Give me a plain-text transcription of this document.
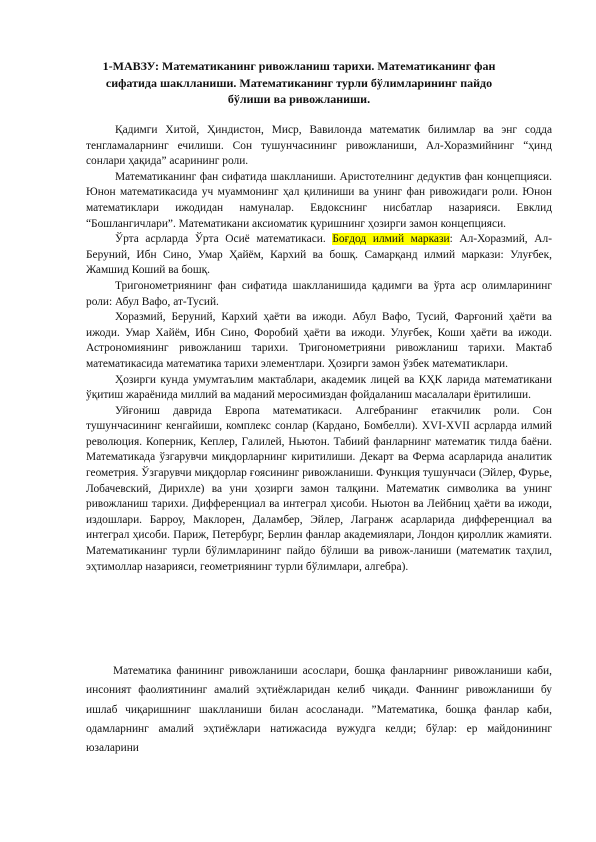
1-МАВЗУ: Математиканинг ривожланиш тарихи. Математиканинг фан сифатида шаклланиши. Математиканинг турли бўлимларининг пайдо бўлиши ва ривожланиши.

Қадимги Хитой, Ҳиндистон, Миср, Вавилонда математик билимлар ва энг содда тенгламаларнинг ечилиши. Сон тушунчасининг ривожланиши, Ал-Хоразмийнинг “ҳинд сонлари ҳақида” асарининг роли.

Математиканинг фан сифатида шаклланиши. Аристотелнинг дедуктив фан концепцияси. Юнон математикасида уч муаммонинг ҳал қилиниши ва унинг фан ривожидаги роли. Юнон математиклари ижодидан намуналар. Евдокснинг нисбатлар назарияси. Евклид “Бошлангичлари”. Математикани аксиоматик қуришнинг ҳозирги замон концепцияси.

Ўрта асрларда Ўрта Осиё математикаси. Боғдод илмий маркази: Ал-Хоразмий, Ал-Беруний, Ибн Сино, Умар Ҳайём, Кархий ва бошқ. Самарқанд илмий маркази: Улуғбек, Жамшид Коший ва бошқ.

Тригонометриянинг фан сифатида шаклланишида қадимги ва ўрта аср олимларининг роли: Абул Вафо, ат-Тусий.

Хоразмий, Беруний, Кархий ҳаёти ва ижоди. Абул Вафо, Тусий, Фарғоний ҳаёти ва ижоди. Умар Хайём, Ибн Сино, Форобий ҳаёти ва ижоди. Улуғбек, Коши ҳаёти ва ижоди. Астрономиянинг ривожланиш тарихи. Тригонометрияни ривожланиш тарихи. Мактаб математикасида математика тарихи элементлари. Ҳозирги замон ўзбек математиклари.

Ҳозирги кунда умумтаълим мактаблари, академик лицей ва КҲК ларида математикани ўқитиш жараёнида миллий ва маданий меросимиздан фойдаланиш масалалари ёритилиши.

Уйғониш даврида Европа математикаси. Алгебранинг етакчилик роли. Сон тушунчасининг кенгайиши, комплекс сонлар (Кардано, Бомбелли). XVI-XVII асрларда илмий революция. Коперник, Кеплер, Галилей, Ньютон. Табиий фанларнинг математик тилда баёни. Математикада ўзгарувчи миқдорларнинг киритилиши. Декарт ва Ферма асарларида аналитик геометрия. Ўзгарувчи миқдорлар ғоясининг ривожланиши. Функция тушунчаси (Эйлер, Фурье, Лобачевский, Дирихле) ва уни ҳозирги замон талқини. Математик символика ва унинг ривожланиш тарихи. Дифференциал ва интеграл ҳисоби. Ньютон ва Лейбниц ҳаёти ва ижоди, издошлари. Барроу, Маклорен, Даламбер, Эйлер, Лагранж асарларида дифференциал ва интеграл ҳисоби. Париж, Петербург, Берлин фанлар академиялари, Лондон қироллик жамияти. Математиканинг турли бўлимларининг пайдо бўлиши ва ривож-ланиши (математик таҳлил, эҳтимоллар назарияси, геометриянинг турли бўлимлари, алгебра).

Математика фанининг ривожланиши асослари, бошқа фанларнинг ривожланиши каби, инсоният фаолиятининг амалий эҳтиёжларидан келиб чиқади. Фаннинг ривожланиши бу ишлаб чиқаришнинг шаклланиши билан асосланади. ”Математика, бошқа фанлар каби, одамларнинг амалий эҳтиёжлари натижасида вужудга келди; бўлар: ер майдонининг юзаларини
